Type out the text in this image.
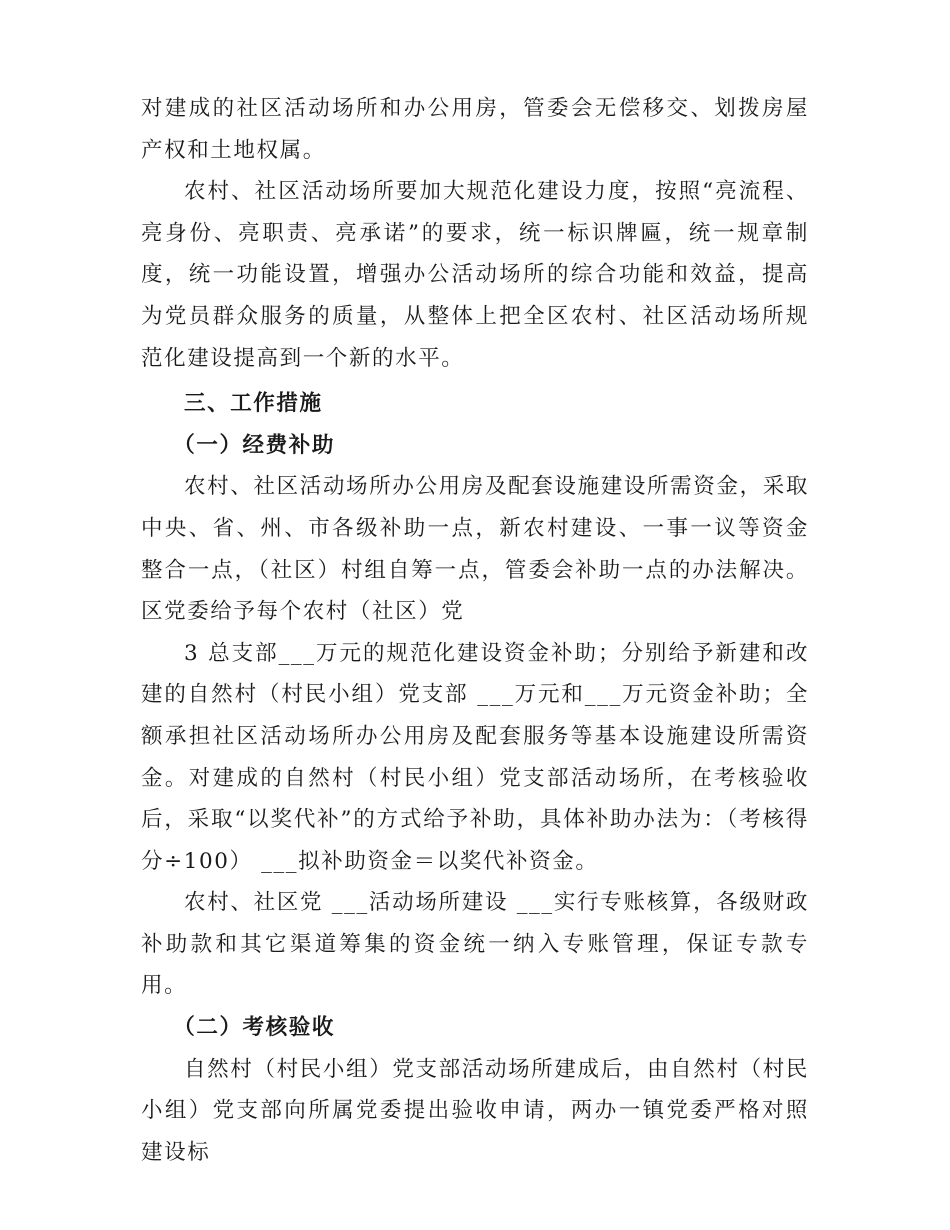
对建成的社区活动场所和办公用房，管委会无偿移交、划拨房屋产权和土地权属。

农村、社区活动场所要加大规范化建设力度，按照“亮流程、亮身份、亮职责、亮承诺”的要求，统一标识牌匾，统一规章制度，统一功能设置，增强办公活动场所的综合功能和效益，提高为党员群众服务的质量，从整体上把全区农村、社区活动场所规范化建设提高到一个新的水平。

三、工作措施

（一）经费补助

农村、社区活动场所办公用房及配套设施建设所需资金，采取中央、省、州、市各级补助一点，新农村建设、一事一议等资金整合一点，（社区）村组自筹一点，管委会补助一点的办法解决。区党委给予每个农村（社区）党

3 总支部___万元的规范化建设资金补助；分别给予新建和改建的自然村（村民小组）党支部 ___万元和___万元资金补助；全额承担社区活动场所办公用房及配套服务等基本设施建设所需资金。对建成的自然村（村民小组）党支部活动场所，在考核验收后，采取“以奖代补”的方式给予补助，具体补助办法为：（考核得分÷100） ___拟补助资金＝以奖代补资金。

农村、社区党 ___活动场所建设 ___实行专账核算，各级财政补助款和其它渠道筹集的资金统一纳入专账管理，保证专款专用。

（二）考核验收

自然村（村民小组）党支部活动场所建成后，由自然村（村民小组）党支部向所属党委提出验收申请，两办一镇党委严格对照建设标
